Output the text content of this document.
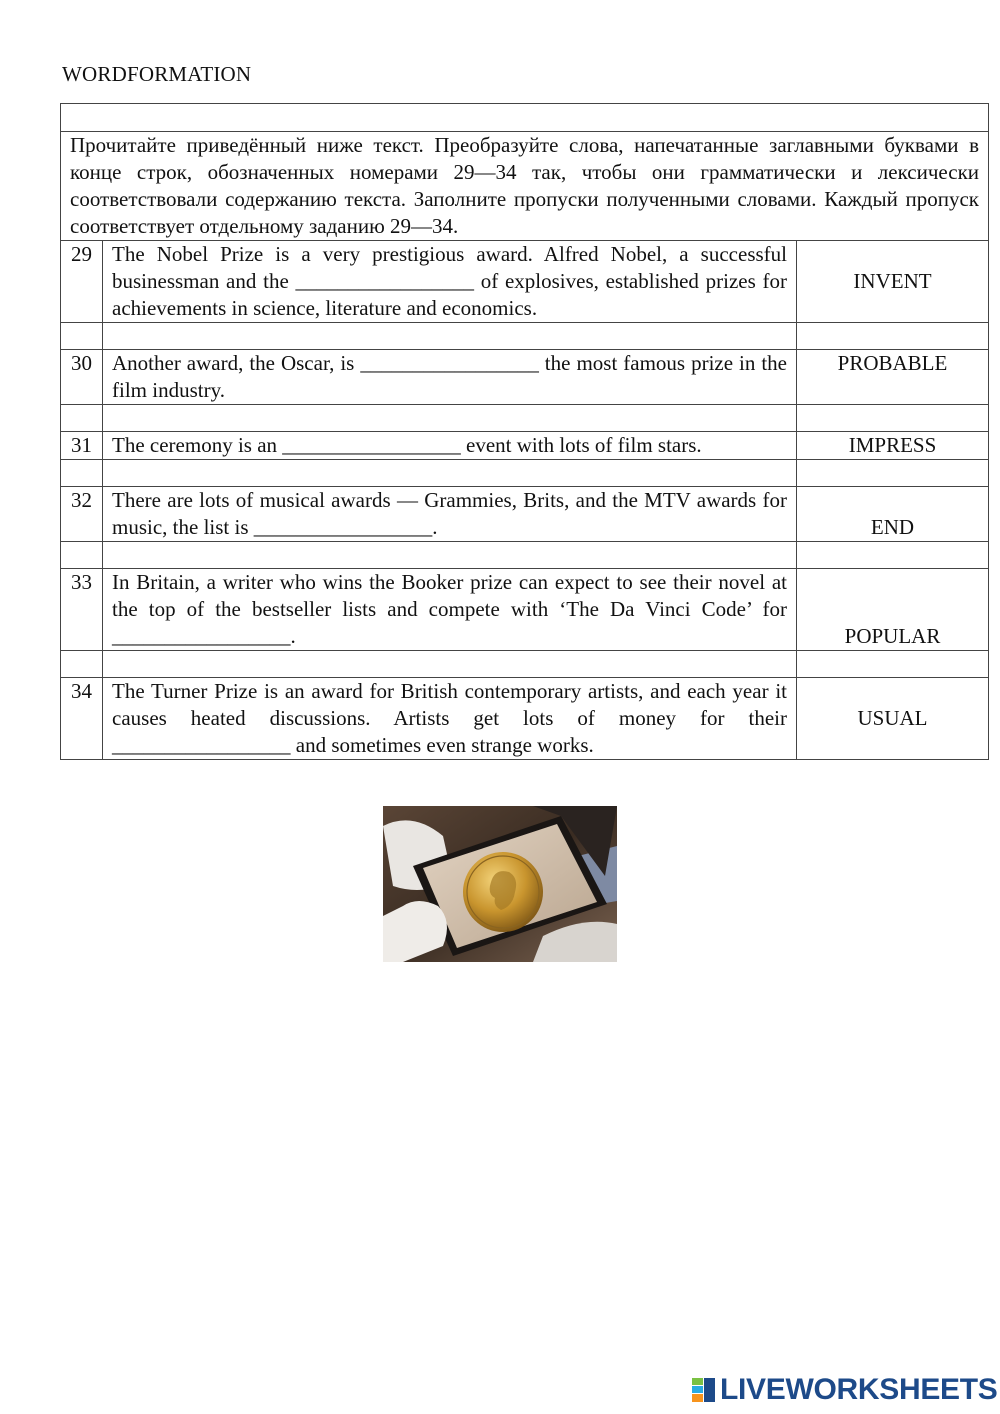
WORDFORMATION

Прочитайте приведённый ниже текст. Преобразуйте слова, напечатанные заглавными буквами в конце строк, обозначенных номерами 29—34 так, чтобы они грамматически и лексически соответствовали содержанию текста. Заполните пропуски полученными словами. Каждый пропуск соответствует отдельному заданию 29—34.		
29	The Nobel Prize is a very prestigious award. Alfred Nobel, a successful businessman and the _________________ of explosives, established prizes for achievements in science, literature and economics.	INVENT

30	Another award, the Oscar, is _________________ the most famous prize in the film industry.	PROBABLE

31	The ceremony is an _________________ event with lots of film stars.	IMPRESS

32	There are lots of musical awards — Grammies, Brits, and the MTV awards for music, the list is _________________.	END

33	In Britain, a writer who wins the Booker prize can expect to see their novel at the top of the bestseller lists and compete with ‘The Da Vinci Code’ for _________________.	POPULAR

34	The Turner Prize is an award for British contemporary artists, and each year it causes heated discussions. Artists get lots of money for their _________________ and sometimes even strange works.	USUAL
LIVEWORKSHEETS
